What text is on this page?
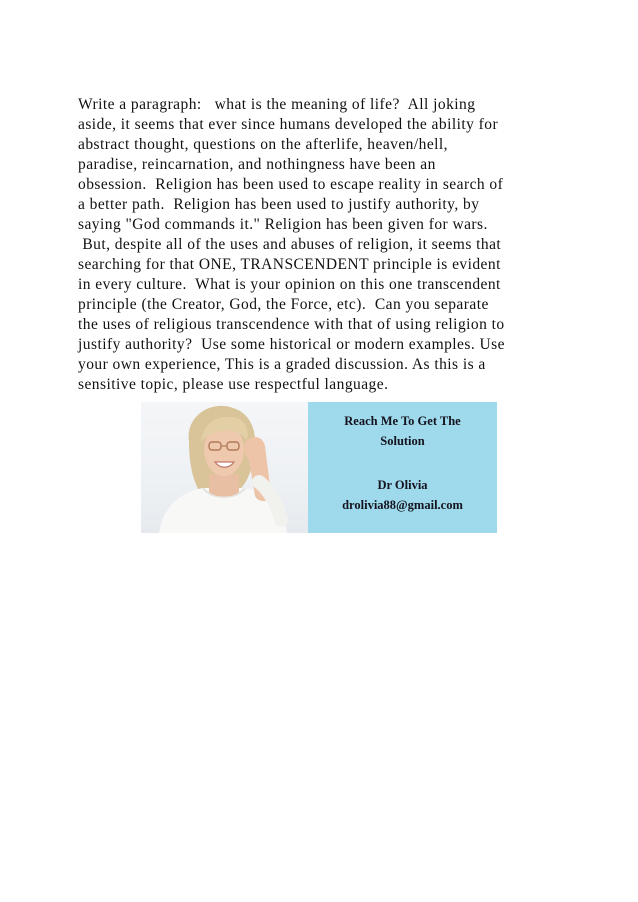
Write a paragraph:   what is the meaning of life?  All joking
aside, it seems that ever since humans developed the ability for
abstract thought, questions on the afterlife, heaven/hell,
paradise, reincarnation, and nothingness have been an
obsession.  Religion has been used to escape reality in search of
a better path.  Religion has been used to justify authority, by
saying "God commands it." Religion has been given for wars.
But, despite all of the uses and abuses of religion, it seems that
searching for that ONE, TRANSCENDENT principle is evident
in every culture.  What is your opinion on this one transcendent
principle (the Creator, God, the Force, etc).  Can you separate
the uses of religious transcendence with that of using religion to
justify authority?  Use some historical or modern examples. Use
your own experience, This is a graded discussion. As this is a
sensitive topic, please use respectful language.
Reach Me To Get The
Solution
Dr Olivia
drolivia88@gmail.com
